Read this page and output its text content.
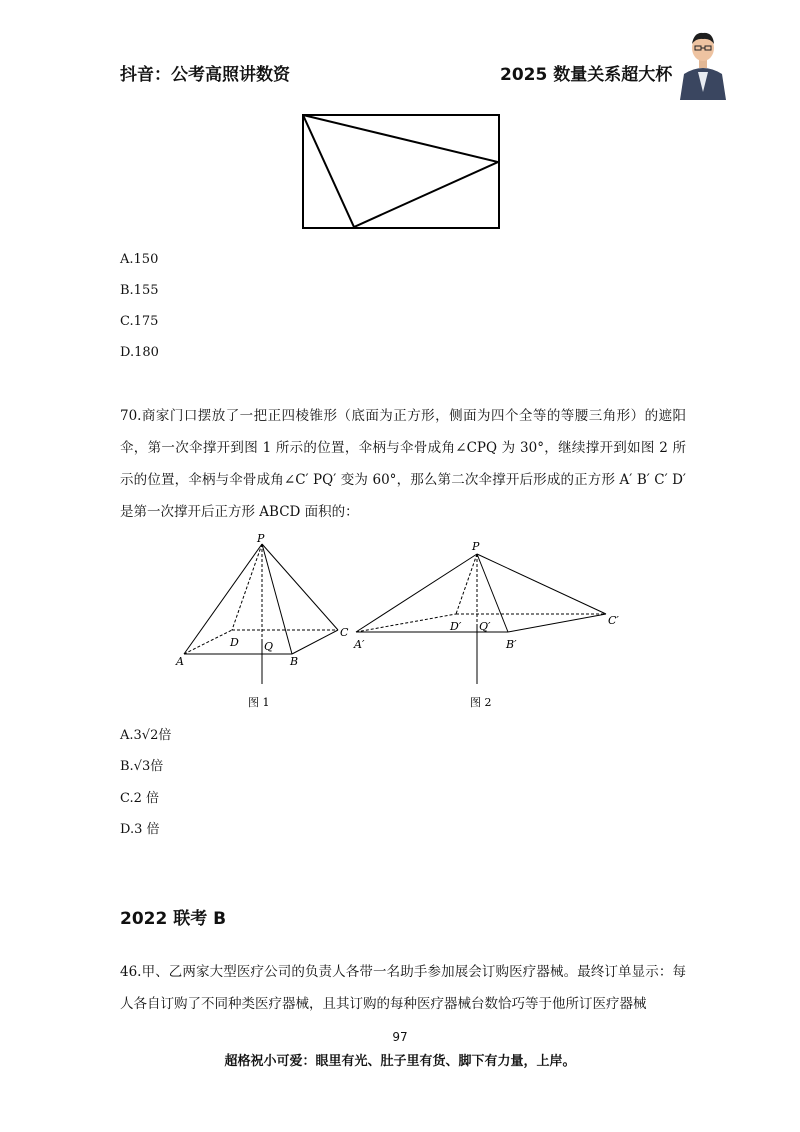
抖音：公考高照讲数资	2025 数量关系超大杯
A.150
B.155
C.175
D.180
70.商家门口摆放了一把正四棱锥形（底面为正方形，侧面为四个全等的等腰三角形）的遮阳伞，第一次伞撑开到图 1 所示的位置，伞柄与伞骨成角∠CPQ 为 30°，继续撑开到如图 2 所示的位置，伞柄与伞骨成角∠C′ PQ′ 变为 60°，那么第二次伞撑开后形成的正方形 A′ B′ C′ D′ 是第一次撑开后正方形 ABCD 面积的：
P
A	B
C
D Q
图 1
P
A′	B′
C′
D′ Q′
图 2
A.3√2倍
B.√3倍
C.2 倍
D.3 倍
2022 联考 B
46.甲、乙两家大型医疗公司的负责人各带一名助手参加展会订购医疗器械。最终订单显示：每人各自订购了不同种类医疗器械，且其订购的每种医疗器械台数恰巧等于他所订医疗器械
97
超格祝小可爱：眼里有光、肚子里有货、脚下有力量，上岸。
